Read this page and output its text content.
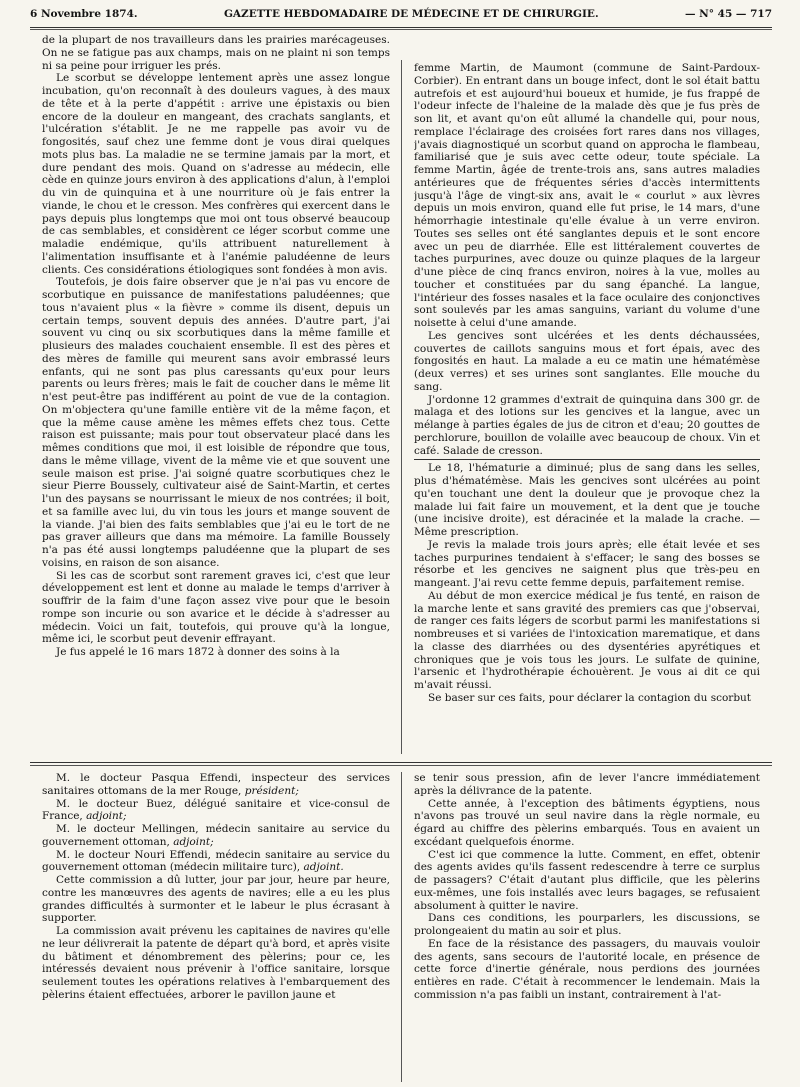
6 Novembre 1874.	GAZETTE HEBDOMADAIRE DE MÉDECINE ET DE CHIRURGIE.	— N° 45 — 717

de la plupart de nos travailleurs dans les prairies marécageuses. On ne se fatigue pas aux champs, mais on ne plaint ni son temps ni sa peine pour irriguer les prés.

Le scorbut se développe lentement après une assez longue incubation, qu'on reconnaît à des douleurs vagues, à des maux de tête et à la perte d'appétit : arrive une épistaxis ou bien encore de la douleur en mangeant, des crachats sanglants, et l'ulcération s'établit. Je ne me rappelle pas avoir vu de fongosités, sauf chez une femme dont je vous dirai quelques mots plus bas. La maladie ne se termine jamais par la mort, et dure pendant des mois. Quand on s'adresse au médecin, elle cède en quinze jours environ à des applications d'alun, à l'emploi du vin de quinquina et à une nourriture où je fais entrer la viande, le chou et le cresson. Mes confrères qui exercent dans le pays depuis plus longtemps que moi ont tous observé beaucoup de cas semblables, et considèrent ce léger scorbut comme une maladie endémique, qu'ils attribuent naturellement à l'alimentation insuffisante et à l'anémie paludéenne de leurs clients. Ces considérations étiologiques sont fondées à mon avis.

Toutefois, je dois faire observer que je n'ai pas vu encore de scorbutique en puissance de manifestations paludéennes; que tous n'avaient plus « la fièvre » comme ils disent, depuis un certain temps, souvent depuis des années. D'autre part, j'ai souvent vu cinq ou six scorbutiques dans la même famille et plusieurs des malades couchaient ensemble. Il est des pères et des mères de famille qui meurent sans avoir embrassé leurs enfants, qui ne sont pas plus caressants qu'eux pour leurs parents ou leurs frères; mais le fait de coucher dans le même lit n'est peut-être pas indifférent au point de vue de la contagion. On m'objectera qu'une famille entière vit de la même façon, et que la même cause amène les mêmes effets chez tous. Cette raison est puissante; mais pour tout observateur placé dans les mêmes conditions que moi, il est loisible de répondre que tous, dans le même village, vivent de la même vie et que souvent une seule maison est prise. J'ai soigné quatre scorbutiques chez le sieur Pierre Boussely, cultivateur aisé de Saint-Martin, et certes l'un des paysans se nourrissant le mieux de nos contrées; il boit, et sa famille avec lui, du vin tous les jours et mange souvent de la viande. J'ai bien des faits semblables que j'ai eu le tort de ne pas graver ailleurs que dans ma mémoire. La famille Boussely n'a pas été aussi longtemps paludéenne que la plupart de ses voisins, en raison de son aisance.

Si les cas de scorbut sont rarement graves ici, c'est que leur développement est lent et donne au malade le temps d'arriver à souffrir de la faim d'une façon assez vive pour que le besoin rompe son incurie ou son avarice et le décide à s'adresser au médecin. Voici un fait, toutefois, qui prouve qu'à la longue, même ici, le scorbut peut devenir effrayant.

Je fus appelé le 16 mars 1872 à donner des soins à la

femme Martin, de Maumont (commune de Saint-Pardoux-Corbier). En entrant dans un bouge infect, dont le sol était battu autrefois et est aujourd'hui boueux et humide, je fus frappé de l'odeur infecte de l'haleine de la malade dès que je fus près de son lit, et avant qu'on eût allumé la chandelle qui, pour nous, remplace l'éclairage des croisées fort rares dans nos villages, j'avais diagnostiqué un scorbut quand on approcha le flambeau, familiarisé que je suis avec cette odeur, toute spéciale. La femme Martin, âgée de trente-trois ans, sans autres maladies antérieures que de fréquentes séries d'accès intermittents jusqu'à l'âge de vingt-six ans, avait le « courlut » aux lèvres depuis un mois environ, quand elle fut prise, le 14 mars, d'une hémorrhagie intestinale qu'elle évalue à un verre environ. Toutes ses selles ont été sanglantes depuis et le sont encore avec un peu de diarrhée. Elle est littéralement couvertes de taches purpurines, avec douze ou quinze plaques de la largeur d'une pièce de cinq francs environ, noires à la vue, molles au toucher et constituées par du sang épanché. La langue, l'intérieur des fosses nasales et la face oculaire des conjonctives sont soulevés par les amas sanguins, variant du volume d'une noisette à celui d'une amande.

Les gencives sont ulcérées et les dents déchaussées, couvertes de caillots sanguins mous et fort épais, avec des fongosités en haut. La malade a eu ce matin une hématémèse (deux verres) et ses urines sont sanglantes. Elle mouche du sang.

J'ordonne 12 grammes d'extrait de quinquina dans 300 gr. de malaga et des lotions sur les gencives et la langue, avec un mélange à parties égales de jus de citron et d'eau; 20 gouttes de perchlorure, bouillon de volaille avec beaucoup de choux. Vin et café. Salade de cresson.

Le 18, l'hématurie a diminué; plus de sang dans les selles, plus d'hématémèse. Mais les gencives sont ulcérées au point qu'en touchant une dent la douleur que je provoque chez la malade lui fait faire un mouvement, et la dent que je touche (une incisive droite), est déracinée et la malade la crache. — Même prescription.

Je revis la malade trois jours après; elle était levée et ses taches purpurines tendaient à s'effacer; le sang des bosses se résorbe et les gencives ne saignent plus que très-peu en mangeant. J'ai revu cette femme depuis, parfaitement remise.

Au début de mon exercice médical je fus tenté, en raison de la marche lente et sans gravité des premiers cas que j'observai, de ranger ces faits légers de scorbut parmi les manifestations si nombreuses et si variées de l'intoxication marematique, et dans la classe des diarrhées ou des dysentéries apyrétiques et chroniques que je vois tous les jours. Le sulfate de quinine, l'arsenic et l'hydrothérapie échouèrent. Je vous ai dit ce qui m'avait réussi.

Se baser sur ces faits, pour déclarer la contagion du scorbut

M. le docteur Pasqua Effendi, inspecteur des services sanitaires ottomans de la mer Rouge, président;

M. le docteur Buez, délégué sanitaire et vice-consul de France, adjoint;

M. le docteur Mellingen, médecin sanitaire au service du gouvernement ottoman, adjoint;

M. le docteur Nouri Effendi, médecin sanitaire au service du gouvernement ottoman (médecin militaire turc), adjoint.

Cette commission a dû lutter, jour par jour, heure par heure, contre les manœuvres des agents de navires; elle a eu les plus grandes difficultés à surmonter et le labeur le plus écrasant à supporter.

La commission avait prévenu les capitaines de navires qu'elle ne leur délivrerait la patente de départ qu'à bord, et après visite du bâtiment et dénombrement des pèlerins; pour ce, les intéressés devaient nous prévenir à l'office sanitaire, lorsque seulement toutes les opérations relatives à l'embarquement des pèlerins étaient effectuées, arborer le pavillon jaune et

se tenir sous pression, afin de lever l'ancre immédiatement après la délivrance de la patente.

Cette année, à l'exception des bâtiments égyptiens, nous n'avons pas trouvé un seul navire dans la règle normale, eu égard au chiffre des pèlerins embarqués. Tous en avaient un excédant quelquefois énorme.

C'est ici que commence la lutte. Comment, en effet, obtenir des agents avides qu'ils fassent redescendre à terre ce surplus de passagers? C'était d'autant plus difficile, que les pèlerins eux-mêmes, une fois installés avec leurs bagages, se refusaient absolument à quitter le navire.

Dans ces conditions, les pourparlers, les discussions, se prolongeaient du matin au soir et plus.

En face de la résistance des passagers, du mauvais vouloir des agents, sans secours de l'autorité locale, en présence de cette force d'inertie générale, nous perdions des journées entières en rade. C'était à recommencer le lendemain. Mais la commission n'a pas faibli un instant, contrairement à l'at-
